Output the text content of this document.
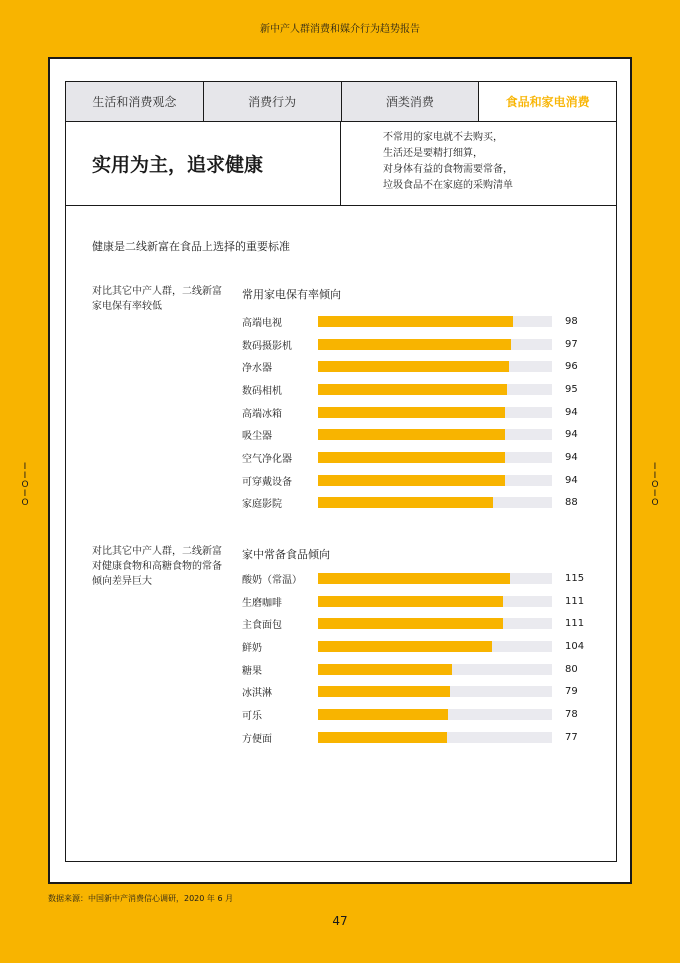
新中产人群消费和媒介行为趋势报告
I
I
O
I
O
I
I
O
I
O
生活和消费观念	消费行为	酒类消费	食品和家电消费
实用为主，追求健康
不常用的家电就不去购买，
生活还是要精打细算，
对身体有益的食物需要常备，
垃圾食品不在家庭的采购清单
健康是二线新富在食品上选择的重要标准
对比其它中产人群，二线新富家电保有率较低
常用家电保有率倾向
高端电视	98
数码摄影机	97
净水器	96
数码相机	95
高端冰箱	94
吸尘器	94
空气净化器	94
可穿戴设备	94
家庭影院	88
对比其它中产人群，二线新富对健康食物和高糖食物的常备倾向差异巨大
家中常备食品倾向
酸奶（常温）	115
生磨咖啡	111
主食面包	111
鲜奶	104
糖果	80
冰淇淋	79
可乐	78
方便面	77
数据来源：中国新中产消费信心调研，2020 年 6 月
47
